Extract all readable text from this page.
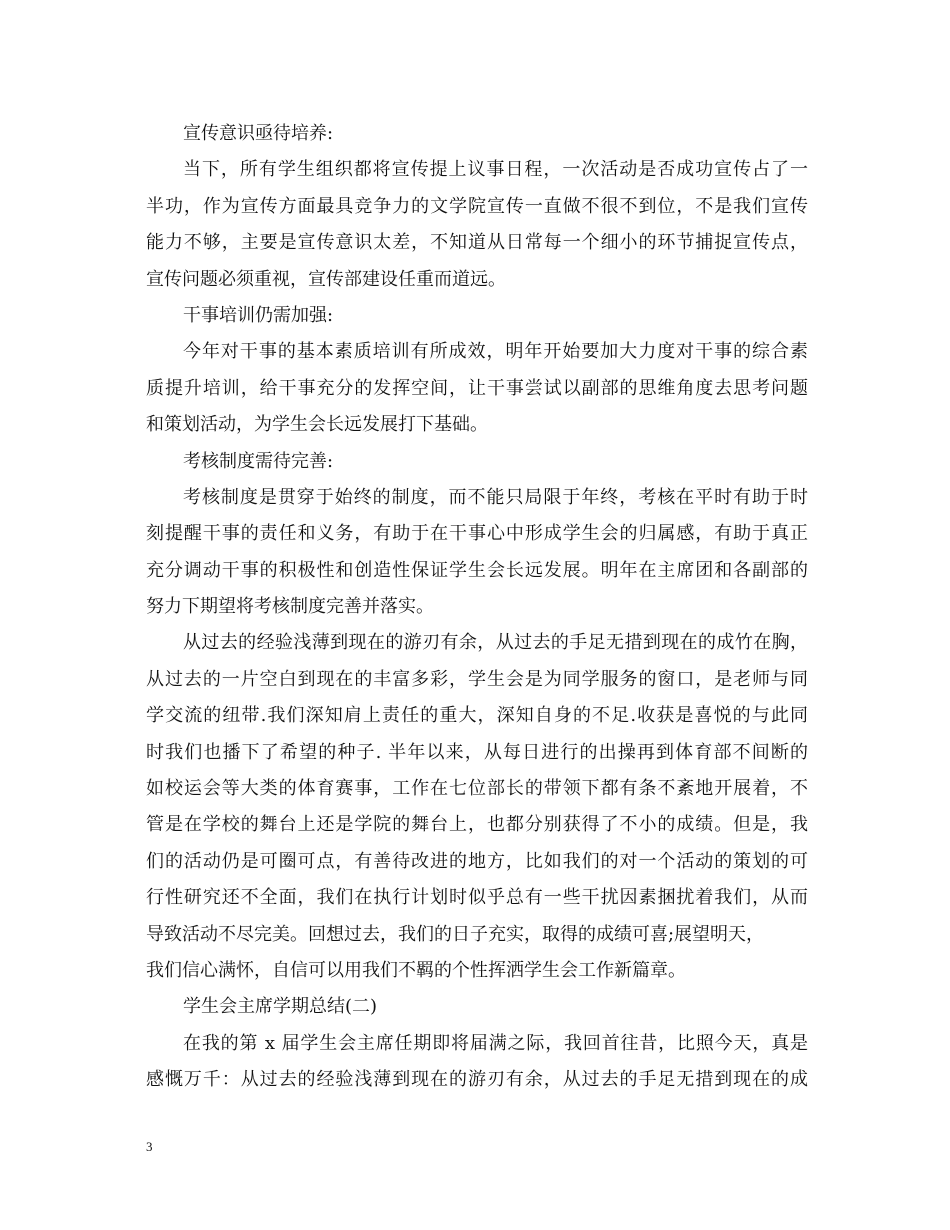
宣传意识亟待培养:
当下，所有学生组织都将宣传提上议事日程，一次活动是否成功宣传占了一
半功，作为宣传方面最具竞争力的文学院宣传一直做不很不到位，不是我们宣传
能力不够，主要是宣传意识太差，不知道从日常每一个细小的环节捕捉宣传点，
宣传问题必须重视，宣传部建设任重而道远。
干事培训仍需加强:
今年对干事的基本素质培训有所成效，明年开始要加大力度对干事的综合素
质提升培训，给干事充分的发挥空间，让干事尝试以副部的思维角度去思考问题
和策划活动，为学生会长远发展打下基础。
考核制度需待完善:
考核制度是贯穿于始终的制度，而不能只局限于年终，考核在平时有助于时
刻提醒干事的责任和义务，有助于在干事心中形成学生会的归属感，有助于真正
充分调动干事的积极性和创造性保证学生会长远发展。明年在主席团和各副部的
努力下期望将考核制度完善并落实。
从过去的经验浅薄到现在的游刃有余，从过去的手足无措到现在的成竹在胸，
从过去的一片空白到现在的丰富多彩，学生会是为同学服务的窗口，是老师与同
学交流的纽带.我们深知肩上责任的重大，深知自身的不足.收获是喜悦的与此同
时我们也播下了希望的种子. 半年以来，从每日进行的出操再到体育部不间断的
如校运会等大类的体育赛事，工作在七位部长的带领下都有条不紊地开展着，不
管是在学校的舞台上还是学院的舞台上，也都分别获得了不小的成绩。但是，我
们的活动仍是可圈可点，有善待改进的地方，比如我们的对一个活动的策划的可
行性研究还不全面，我们在执行计划时似乎总有一些干扰因素捆扰着我们，从而
导致活动不尽完美。回想过去，我们的日子充实，取得的成绩可喜;展望明天，
我们信心满怀，自信可以用我们不羁的个性挥洒学生会工作新篇章。
学生会主席学期总结(二)
在我的第 x 届学生会主席任期即将届满之际，我回首往昔，比照今天，真是
感慨万千：从过去的经验浅薄到现在的游刃有余，从过去的手足无措到现在的成
3
